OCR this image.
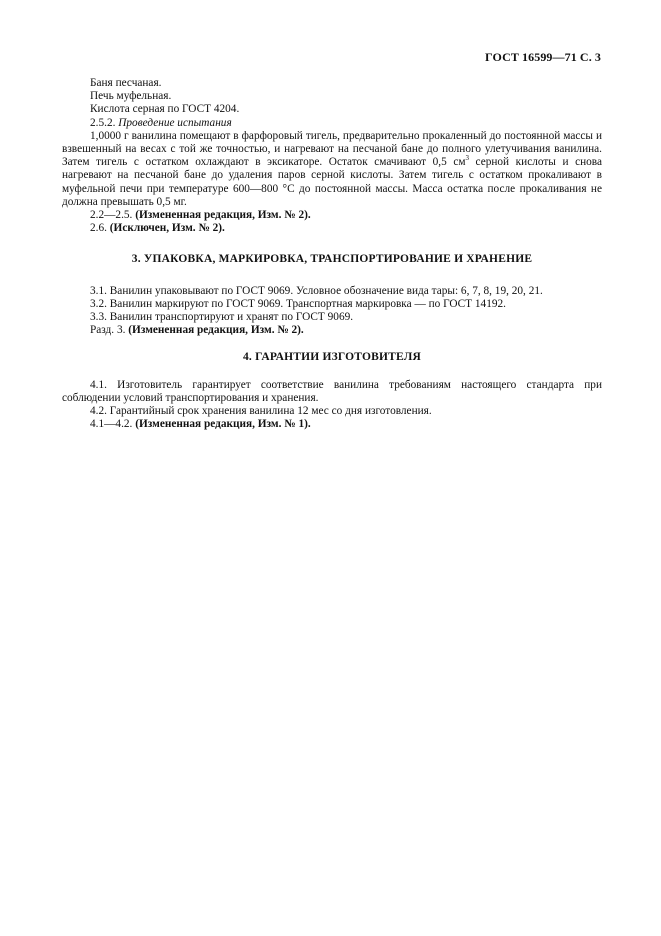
ГОСТ 16599—71 С. 3

Баня песчаная.

Печь муфельная.

Кислота серная по ГОСТ 4204.

2.5.2. Проведение испытания

1,0000 г ванилина помещают в фарфоровый тигель, предварительно прокаленный до постоянной массы и взвешенный на весах с той же точностью, и нагревают на песчаной бане до полного улетучивания ванилина. Затем тигель с остатком охлаждают в эксикаторе. Остаток смачивают 0,5 $см^3$ серной кислоты и снова нагревают на песчаной бане до удаления паров серной кислоты. Затем тигель с остатком прокаливают в муфельной печи при температуре 600—800 °С до постоянной массы. Масса остатка после прокаливания не должна превышать 0,5 мг.

2.2—2.5. (Измененная редакция, Изм. № 2).

2.6. (Исключен, Изм. № 2).

3. УПАКОВКА, МАРКИРОВКА, ТРАНСПОРТИРОВАНИЕ И ХРАНЕНИЕ

3.1. Ванилин упаковывают по ГОСТ 9069. Условное обозначение вида тары: 6, 7, 8, 19, 20, 21.

3.2. Ванилин маркируют по ГОСТ 9069. Транспортная маркировка — по ГОСТ 14192.

3.3. Ванилин транспортируют и хранят по ГОСТ 9069.

Разд. 3. (Измененная редакция, Изм. № 2).

4. ГАРАНТИИ ИЗГОТОВИТЕЛЯ

4.1. Изготовитель гарантирует соответствие ванилина требованиям настоящего стандарта при соблюдении условий транспортирования и хранения.

4.2. Гарантийный срок хранения ванилина 12 мес со дня изготовления.

4.1—4.2. (Измененная редакция, Изм. № 1).
